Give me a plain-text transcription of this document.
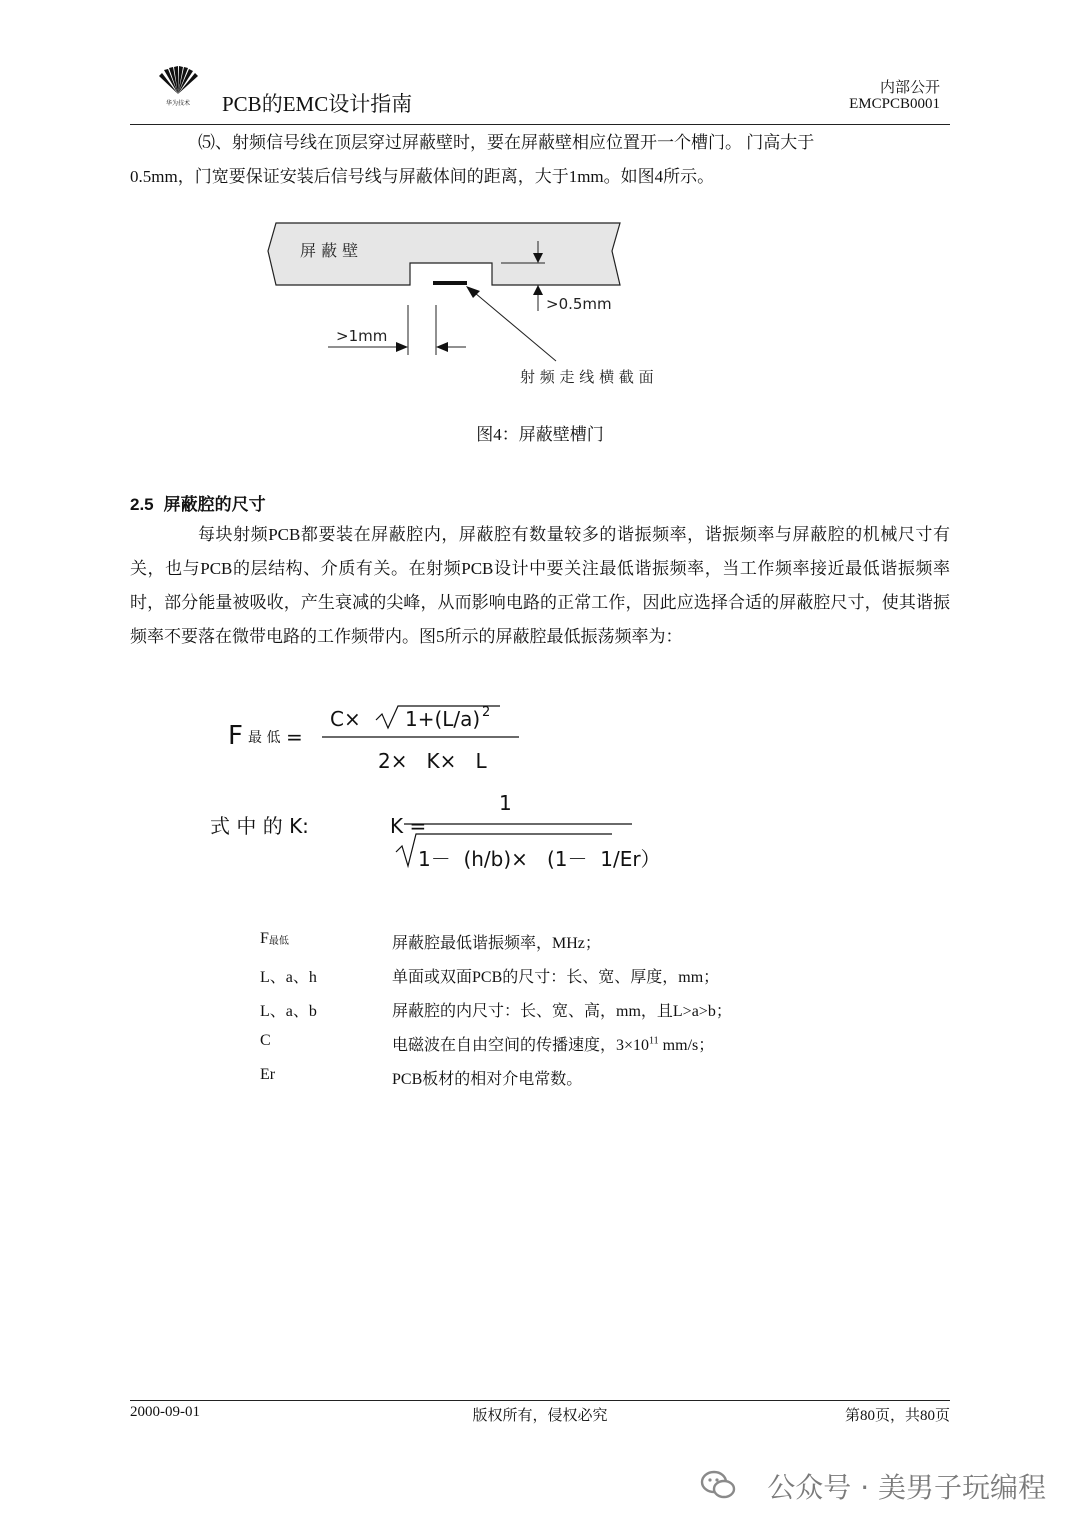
华为技术 PCB的EMC设计指南
内部公开
EMCPCB0001

⑸、射频信号线在顶层穿过屏蔽壁时，要在屏蔽壁相应位置开一个槽门。 门高大于

0.5mm，门宽要保证安装后信号线与屏蔽体间的距离，大于1mm。如图4所示。

屏 蔽 壁
>0.5mm
>1mm
射 频 走 线 横 截 面
图4：屏蔽壁槽门
2.5 屏蔽腔的尺寸

每块射频PCB都要装在屏蔽腔内，屏蔽腔有数量较多的谐振频率，谐振频率与屏蔽腔的机械尺寸有关，也与PCB的层结构、介质有关。在射频PCB设计中要关注最低谐振频率，当工作频率接近最低谐振频率时，部分能量被吸收，产生衰减的尖峰，从而影响电路的正常工作，因此应选择合适的屏蔽腔尺寸，使其谐振频率不要落在微带电路的工作频带内。图5所示的屏蔽腔最低振荡频率为：

F 最 低 =
C× 1+(L/a) 2
2×   K×   L
式 中 的 K:	K =
1
1－  (h/b)×   (1－  1/Er）
$F_{最低}$	屏蔽腔最低谐振频率，MHz；
L、a、h	单面或双面PCB的尺寸：长、宽、厚度，mm；
L、a、b	屏蔽腔的内尺寸：长、宽、高，mm，且L>a>b；
C	电磁波在自由空间的传播速度，$3\times 10^{11}$ mm/s；
Er	PCB板材的相对介电常数。
2000-09-01	版权所有，侵权必究	第80页，共80页
公众号 · 美男子玩编程
